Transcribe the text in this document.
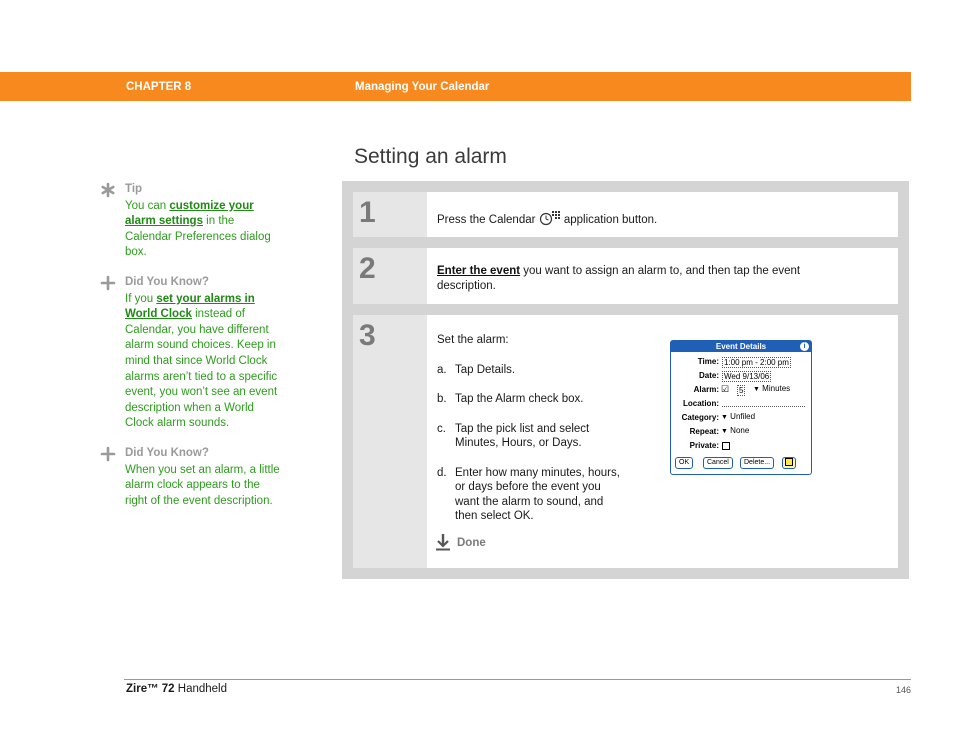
CHAPTER 8	Managing Your Calendar
Setting an alarm
Tip
You can customize your alarm settings in the Calendar Preferences dialog box.
Did You Know?
If you set your alarms in World Clock instead of Calendar, you have different alarm sound choices. Keep in mind that since World Clock alarms aren’t tied to a specific event, you won’t see an event description when a World Clock alarm sounds.
Did You Know?
When you set an alarm, a little alarm clock appears to the right of the event description.
1	Press the Calendar application button.
2	Enter the event you want to assign an alarm to, and then tap the event description.
3	Set the alarm:
a. Tap Details.
b. Tap the Alarm check box.
c. Tap the pick list and select Minutes, Hours, or Days.
d. Enter how many minutes, hours, or days before the event you want the alarm to sound, and then select OK.
Done
Event Details	i
Time: 1:00 pm - 2:00 pm
Date: Wed 9/13/06
Alarm: ☑ 5 ▼ Minutes
Location:
Category: ▼ Unfiled
Repeat: ▼ None
Private:
OK	Cancel	Delete...
Zire™ 72 Handheld	146
